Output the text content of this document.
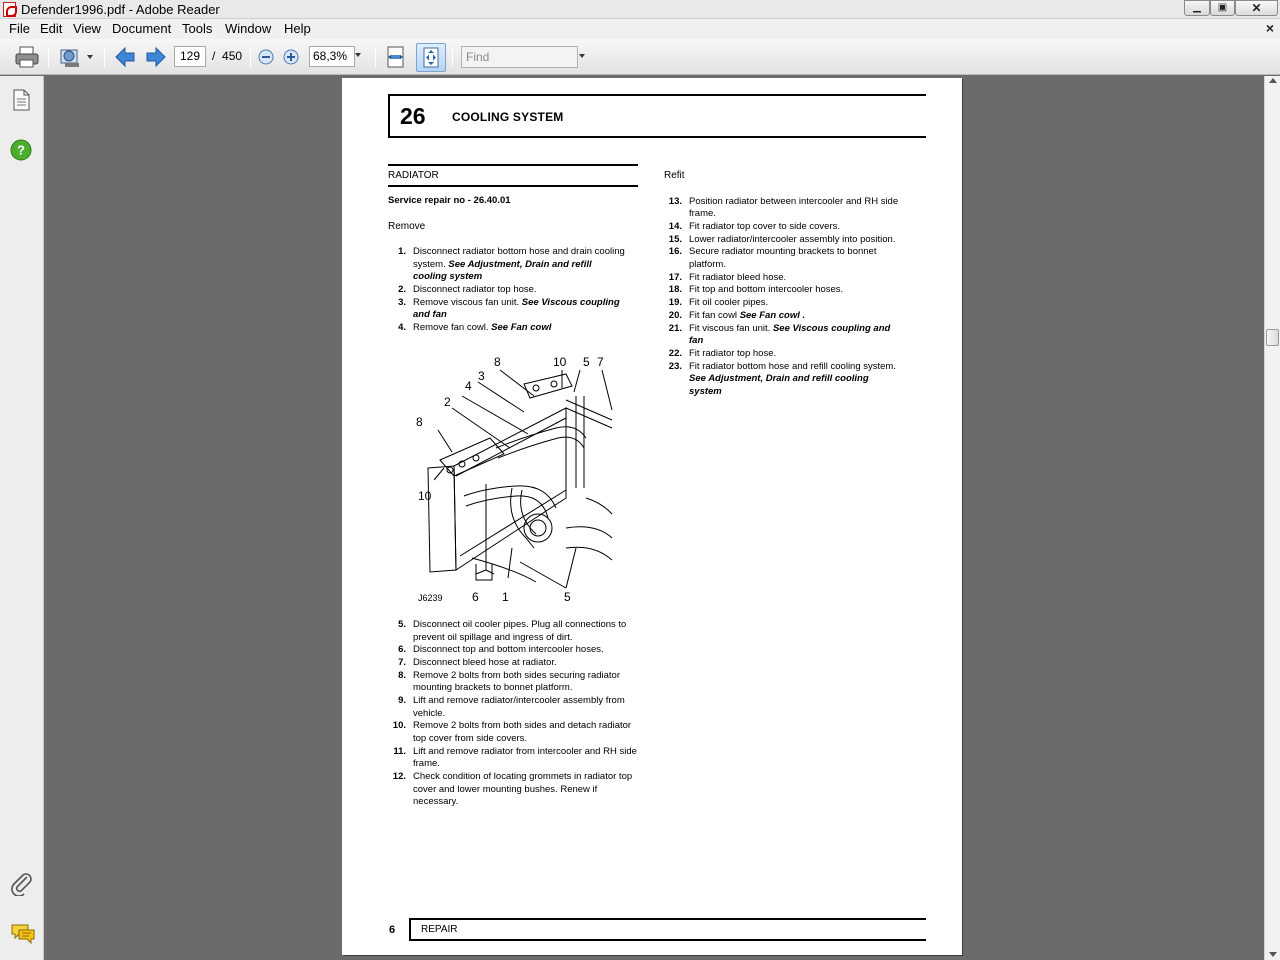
Defender1996.pdf - Adobe Reader	▁	▣	✕
File Edit View Document Tools Window Help	×
129 / 450	68,3%	Find
?
26 COOLING SYSTEM
RADIATOR
Service repair no - 26.40.01
Remove
1. Disconnect radiator bottom hose and drain cooling system. See Adjustment, Drain and refill cooling system
2. Disconnect radiator top hose.
3. Remove viscous fan unit. See Viscous coupling and fan
4. Remove fan cowl. See Fan cowl
8	10 5 7
3
4
2
8
10
6 1	5
J6239
5. Disconnect oil cooler pipes. Plug all connections to prevent oil spillage and ingress of dirt.
6. Disconnect top and bottom intercooler hoses.
7. Disconnect bleed hose at radiator.
8. Remove 2 bolts from both sides securing radiator mounting brackets to bonnet platform.
9. Lift and remove radiator/intercooler assembly from vehicle.
10. Remove 2 bolts from both sides and detach radiator top cover from side covers.
11. Lift and remove radiator from intercooler and RH side frame.
12. Check condition of locating grommets in radiator top cover and lower mounting bushes. Renew if necessary.
Refit
13. Position radiator between intercooler and RH side frame.
14. Fit radiator top cover to side covers.
15. Lower radiator/intercooler assembly into position.
16. Secure radiator mounting brackets to bonnet platform.
17. Fit radiator bleed hose.
18. Fit top and bottom intercooler hoses.
19. Fit oil cooler pipes.
20. Fit fan cowl See Fan cowl .
21. Fit viscous fan unit. See Viscous coupling and fan
22. Fit radiator top hose.
23. Fit radiator bottom hose and refill cooling system. See Adjustment, Drain and refill cooling system
6	REPAIR
